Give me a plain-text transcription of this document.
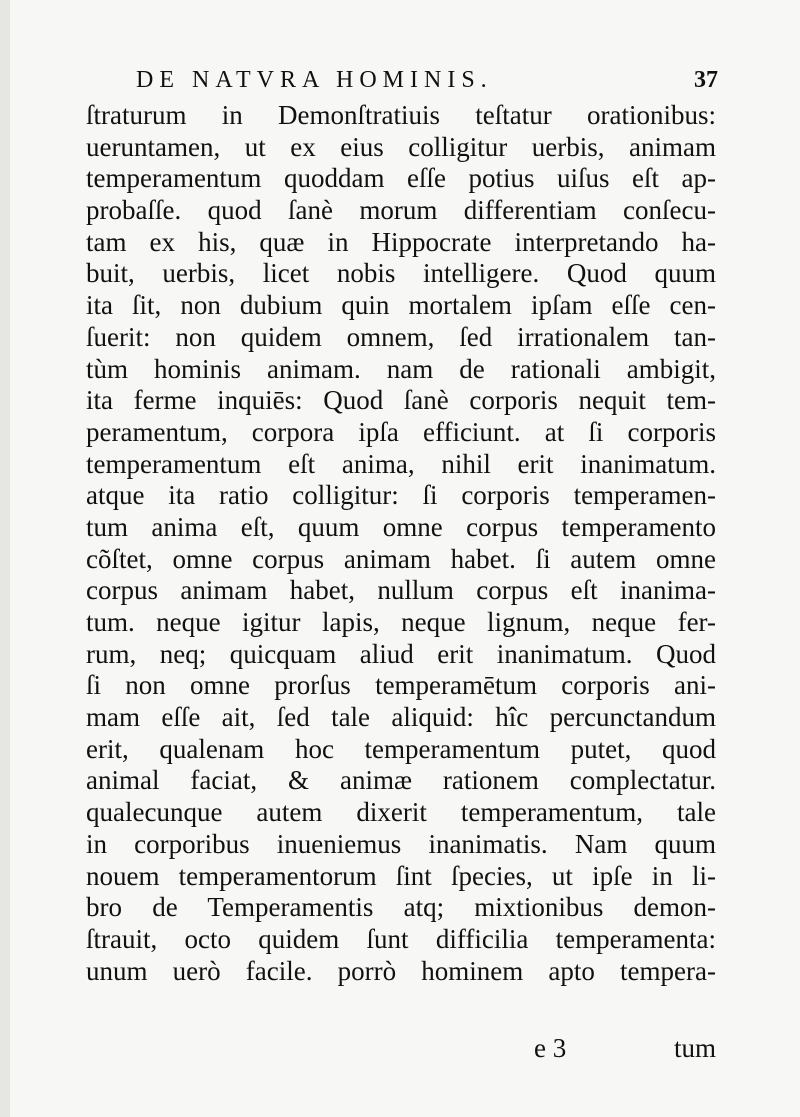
DE NATVRA HOMINIS.	37
ſtraturum in Demonſtratiuis teſtatur orationibus:
ueruntamen, ut ex eius colligitur uerbis, animam
temperamentum quoddam eſſe potius uiſus eſt ap-
probaſſe. quod ſanè morum differentiam conſecu-
tam ex his, quæ in Hippocrate interpretando ha-
buit, uerbis, licet nobis intelligere. Quod quum
ita ſit, non dubium quin mortalem ipſam eſſe cen-
ſuerit: non quidem omnem, ſed irrationalem tan-
tùm hominis animam. nam de rationali ambigit,
ita ferme inquiēs: Quod ſanè corporis nequit tem-
peramentum, corpora ipſa efficiunt. at ſi corporis
temperamentum eſt anima, nihil erit inanimatum.
atque ita ratio colligitur: ſi corporis temperamen-
tum anima eſt, quum omne corpus temperamento
cõſtet, omne corpus animam habet. ſi autem omne
corpus animam habet, nullum corpus eſt inanima-
tum. neque igitur lapis, neque lignum, neque fer-
rum, neq; quicquam aliud erit inanimatum. Quod
ſi non omne prorſus temperamētum corporis ani-
mam eſſe ait, ſed tale aliquid: hîc percunctandum
erit, qualenam hoc temperamentum putet, quod
animal faciat, & animæ rationem complectatur.
qualecunque autem dixerit temperamentum, tale
in corporibus inueniemus inanimatis. Nam quum
nouem temperamentorum ſint ſpecies, ut ipſe in li-
bro de Temperamentis atq; mixtionibus demon-
ſtrauit, octo quidem ſunt difficilia temperamenta:
unum uerò facile. porrò hominem apto tempera-
e 3	tum
